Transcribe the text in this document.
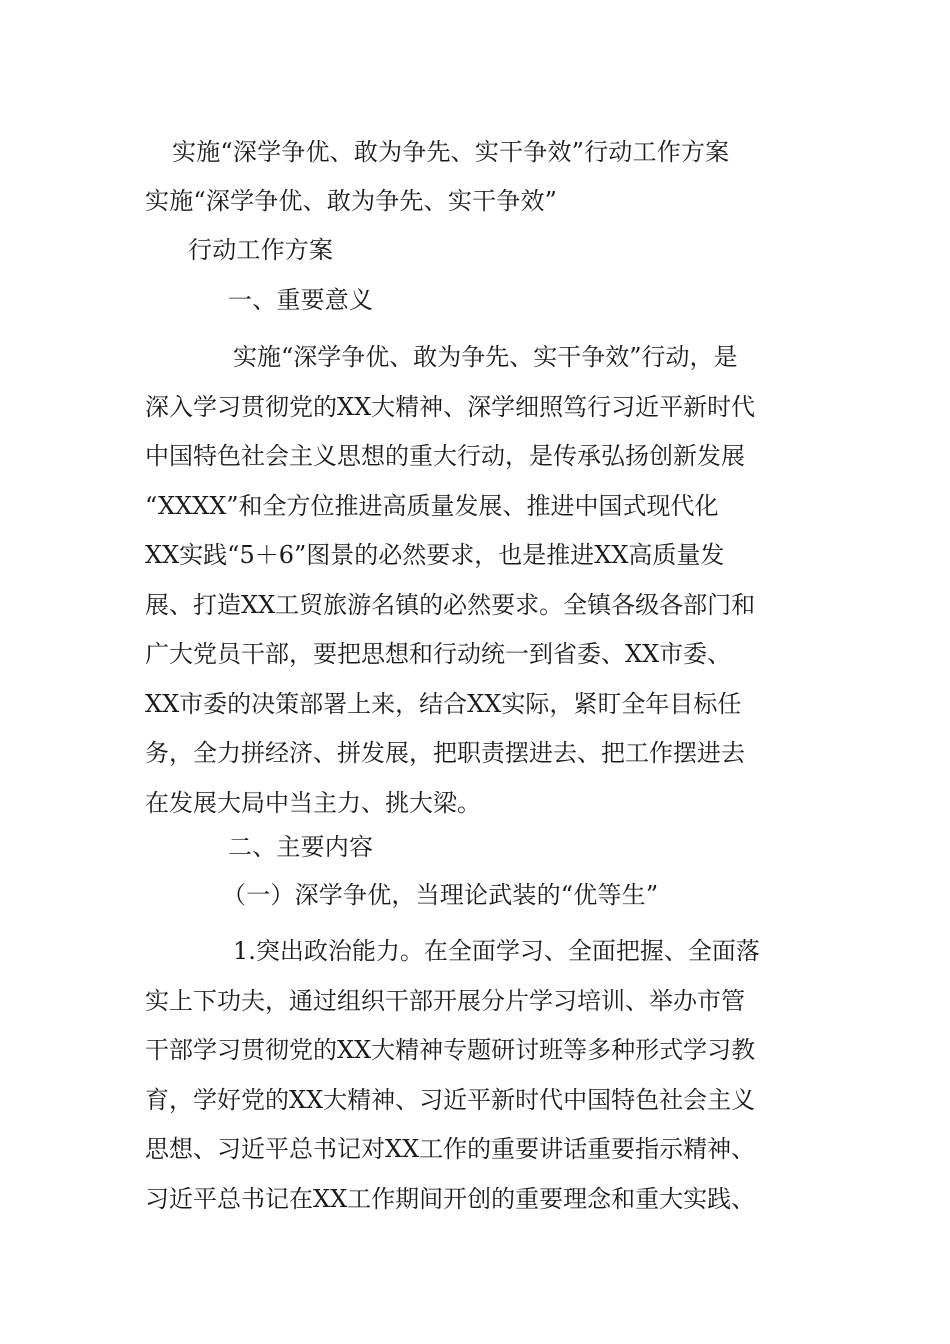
实施“深学争优、敢为争先、实干争效”行动工作方案
实施“深学争优、敢为争先、实干争效”
行动工作方案
一、重要意义
实施“深学争优、敢为争先、实干争效”行动，是
深入学习贯彻党的XX大精神、深学细照笃行习近平新时代
中国特色社会主义思想的重大行动，是传承弘扬创新发展
“XXXX”和全方位推进高质量发展、推进中国式现代化
XX实践“5＋6”图景的必然要求，也是推进XX高质量发
展、打造XX工贸旅游名镇的必然要求。全镇各级各部门和
广大党员干部，要把思想和行动统一到省委、XX市委、
XX市委的决策部署上来，结合XX实际，紧盯全年目标任
务，全力拼经济、拼发展，把职责摆进去、把工作摆进去
在发展大局中当主力、挑大梁。
二、主要内容
（一）深学争优，当理论武装的“优等生”
1.突出政治能力。在全面学习、全面把握、全面落
实上下功夫，通过组织干部开展分片学习培训、举办市管
干部学习贯彻党的XX大精神专题研讨班等多种形式学习教
育，学好党的XX大精神、习近平新时代中国特色社会主义
思想、习近平总书记对XX工作的重要讲话重要指示精神、
习近平总书记在XX工作期间开创的重要理念和重大实践、
